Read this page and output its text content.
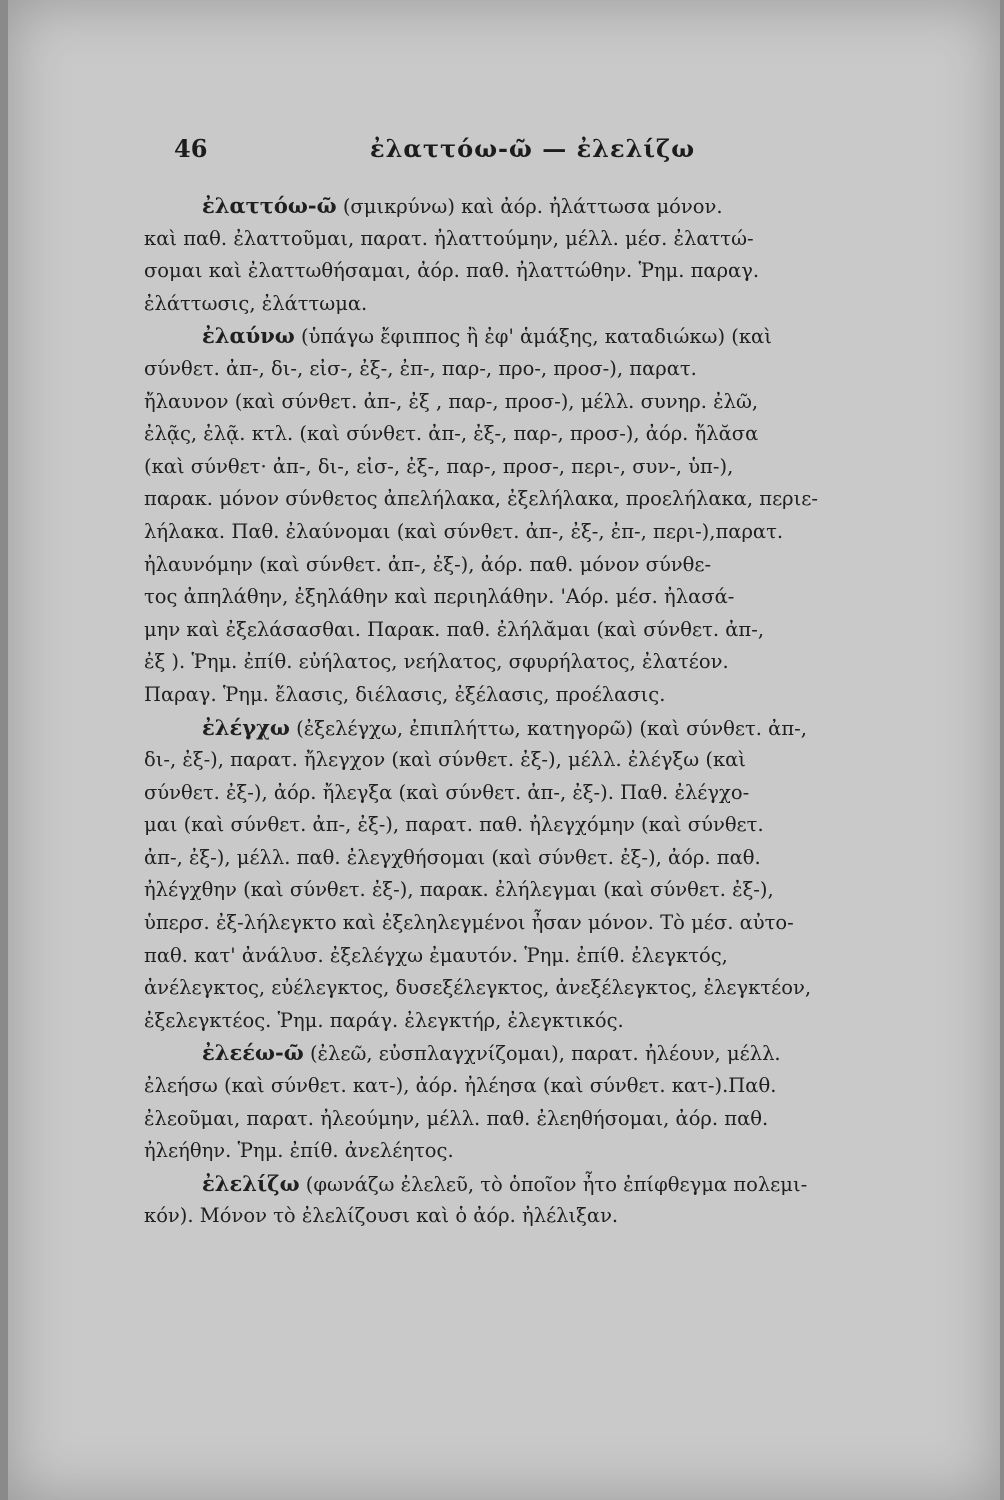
46	ἐλαττόω-ῶ — ἐλελίζω
ἐλαττόω-ῶ (σμικρύνω) καὶ ἀόρ. ἠλάττωσα μόνον.
καὶ παθ. ἐλαττοῦμαι, παρατ. ἠλαττούμην, μέλλ. μέσ. ἐλαττώ-
σομαι καὶ ἐλαττωθήσαμαι, ἀόρ. παθ. ἠλαττώθην. Ῥημ. παραγ.
ἐλάττωσις, ἐλάττωμα.
ἐλαύνω (ὑπάγω ἔφιππος ἢ ἐφ' ἁμάξης, καταδιώκω) (καὶ
σύνθετ. ἀπ-, δι-, εἰσ-, ἐξ-, ἐπ-, παρ-, προ-, προσ-), παρατ.
ἤλαυνον (καὶ σύνθετ. ἀπ-, ἐξ , παρ-, προσ-), μέλλ. συνηρ. ἐλῶ,
ἐλᾷς, ἐλᾷ. κτλ. (καὶ σύνθετ. ἀπ-, ἐξ-, παρ-, προσ-), ἀόρ. ἤλᾰσα
(καὶ σύνθετ· ἀπ-, δι-, εἰσ-, ἐξ-, παρ-, προσ-, περι-, συν-, ὑπ-),
παρακ. μόνον σύνθετος ἀπελήλακα, ἐξελήλακα, προελήλακα, περιε-
λήλακα. Παθ. ἐλαύνομαι (καὶ σύνθετ. ἀπ-, ἐξ-, ἐπ-, περι-),παρατ.
ἠλαυνόμην (καὶ σύνθετ. ἀπ-, ἐξ-), ἀόρ. παθ. μόνον σύνθε-
τος ἀπηλάθην, ἐξηλάθην καὶ περιηλάθην. 'Αόρ. μέσ. ἠλασά-
μην καὶ ἐξελάσασθαι. Παρακ. παθ. ἐλήλᾰμαι (καὶ σύνθετ. ἀπ-,
ἐξ ). Ῥημ. ἐπίθ. εὐήλατος, νεήλατος, σφυρήλατος, ἐλατέον.
Παραγ. Ῥημ. ἔλασις, διέλασις, ἐξέλασις, προέλασις.
ἐλέγχω (ἐξελέγχω, ἐπιπλήττω, κατηγορῶ) (καὶ σύνθετ. ἀπ-,
δι-, ἐξ-), παρατ. ἤλεγχον (καὶ σύνθετ. ἐξ-), μέλλ. ἐλέγξω (καὶ
σύνθετ. ἐξ-), ἀόρ. ἤλεγξα (καὶ σύνθετ. ἀπ-, ἐξ-). Παθ. ἐλέγχο-
μαι (καὶ σύνθετ. ἀπ-, ἐξ-), παρατ. παθ. ἠλεγχόμην (καὶ σύνθετ.
ἀπ-, ἐξ-), μέλλ. παθ. ἐλεγχθήσομαι (καὶ σύνθετ. ἐξ-), ἀόρ. παθ.
ἠλέγχθην (καὶ σύνθετ. ἐξ-), παρακ. ἐλήλεγμαι (καὶ σύνθετ. ἐξ-),
ὑπερσ. ἐξ-λήλεγκτο καὶ ἐξεληλεγμένοι ἦσαν μόνον. Τὸ μέσ. αὐτο-
παθ. κατ' ἀνάλυσ. ἐξελέγχω ἐμαυτόν. Ῥημ. ἐπίθ. ἐλεγκτός,
ἀνέλεγκτος, εὐέλεγκτος, δυσεξέλεγκτος, ἀνεξέλεγκτος, ἐλεγκτέον,
ἐξελεγκτέος. Ῥημ. παράγ. ἐλεγκτήρ, ἐλεγκτικός.
ἐλεέω-ῶ (ἐλεῶ, εὐσπλαγχνίζομαι), παρατ. ἠλέουν, μέλλ.
ἐλεήσω (καὶ σύνθετ. κατ-), ἀόρ. ἠλέησα (καὶ σύνθετ. κατ-).Παθ.
ἐλεοῦμαι, παρατ. ἠλεούμην, μέλλ. παθ. ἐλεηθήσομαι, ἀόρ. παθ.
ἠλεήθην. Ῥημ. ἐπίθ. ἀνελέητος.
ἐλελίζω (φωνάζω ἐλελεῦ, τὸ ὁποῖον ἦτο ἐπίφθεγμα πολεμι-
κόν). Μόνον τὸ ἐλελίζουσι καὶ ὁ ἀόρ. ἠλέλιξαν.
